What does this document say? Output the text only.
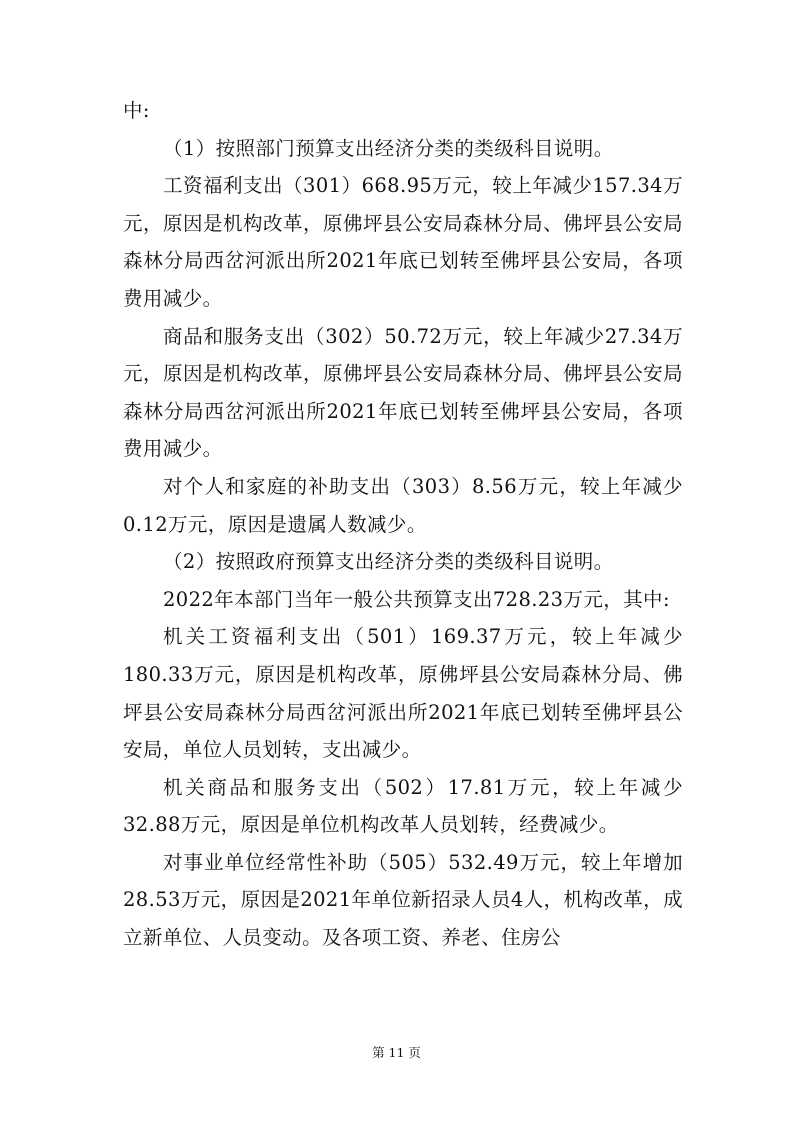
中:

（1）按照部门预算支出经济分类的类级科目说明。

工资福利支出（301）668.95万元，较上年减少157.34万元，原因是机构改革，原佛坪县公安局森林分局、佛坪县公安局森林分局西岔河派出所2021年底已划转至佛坪县公安局，各项费用减少。

商品和服务支出（302）50.72万元，较上年减少27.34万元，原因是机构改革，原佛坪县公安局森林分局、佛坪县公安局森林分局西岔河派出所2021年底已划转至佛坪县公安局，各项费用减少。

对个人和家庭的补助支出（303）8.56万元，较上年减少0.12万元，原因是遗属人数减少。

（2）按照政府预算支出经济分类的类级科目说明。

2022年本部门当年一般公共预算支出728.23万元，其中:

机关工资福利支出（501）169.37万元，较上年减少180.33万元，原因是机构改革，原佛坪县公安局森林分局、佛坪县公安局森林分局西岔河派出所2021年底已划转至佛坪县公安局，单位人员划转，支出减少。

机关商品和服务支出（502）17.81万元，较上年减少32.88万元，原因是单位机构改革人员划转，经费减少。

对事业单位经常性补助（505）532.49万元，较上年增加28.53万元，原因是2021年单位新招录人员4人，机构改革，成立新单位、人员变动。及各项工资、养老、住房公

第 11 页
